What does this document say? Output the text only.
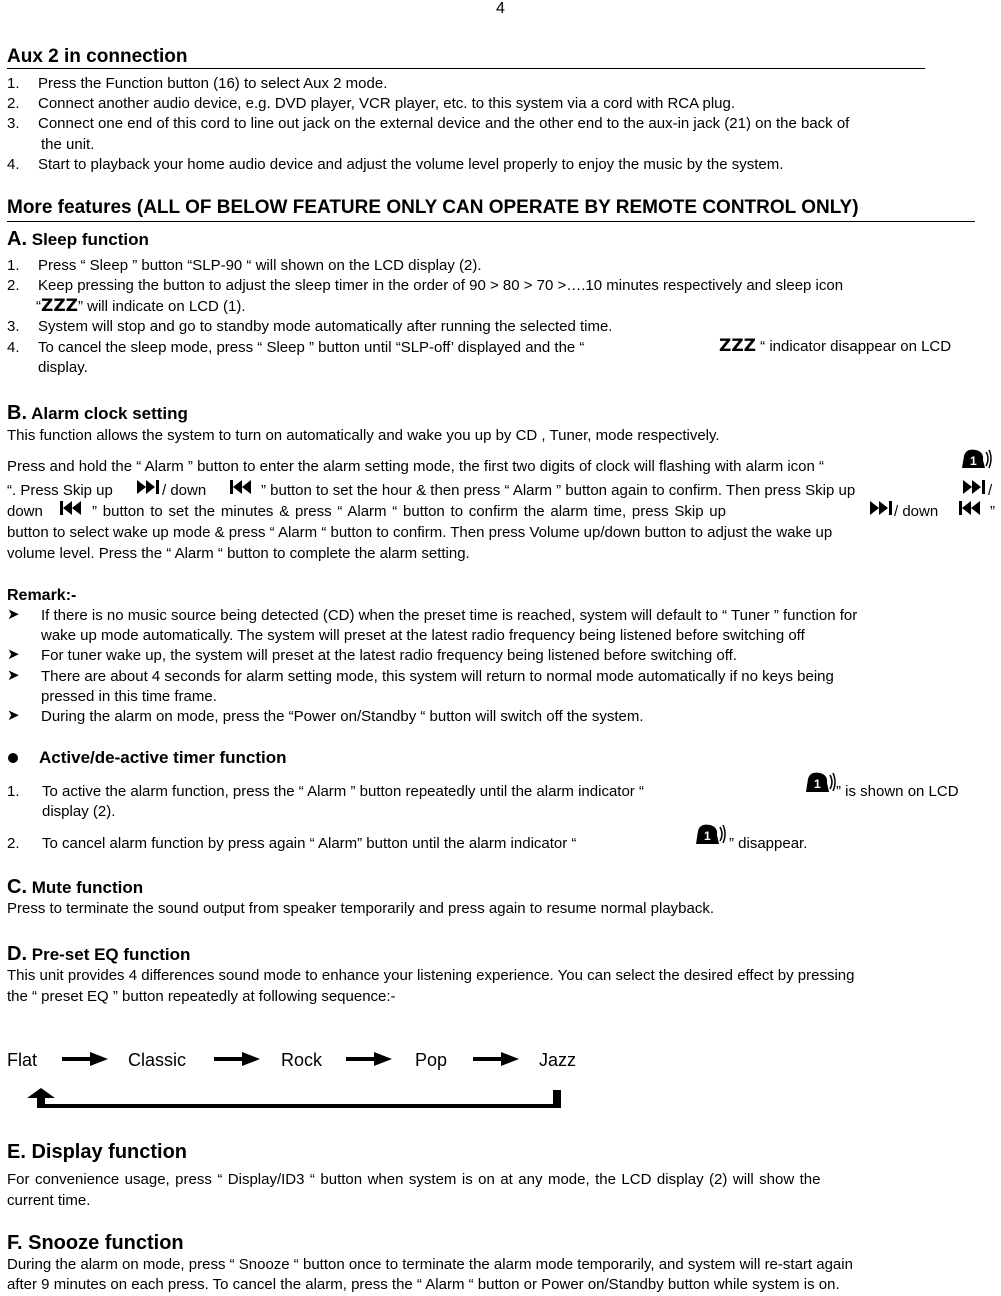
4
Aux 2 in connection
1. Press the Function button (16) to select Aux 2 mode.
2. Connect another audio device, e.g. DVD player, VCR player, etc. to this system via a cord with RCA plug.
3. Connect one end of this cord to line out jack on the external device and the other end to the aux-in jack (21) on the back of
the unit.
4. Start to playback your home audio device and adjust the volume level properly to enjoy the music by the system.
More features (ALL OF BELOW FEATURE ONLY CAN OPERATE BY REMOTE CONTROL ONLY)
A. Sleep function
1. Press “ Sleep ” button “SLP-90 “ will shown on the LCD display (2).
2. Keep pressing the button to adjust the sleep timer in the order of 90 > 80 > 70 >….10 minutes respectively and sleep icon
“ZZZ” will indicate on LCD (1).
3. System will stop and go to standby mode automatically after running the selected time.
4. To cancel the sleep mode, press “ Sleep ” button until “SLP-off’ displayed and the “	ZZZ “ indicator disappear on LCD
display.
B. Alarm clock setting
This function allows the system to turn on automatically and wake you up by CD , Tuner, mode respectively.
Press and hold the “ Alarm ” button to enter the alarm setting mode, the first two digits of clock will flashing with alarm icon “	1
“. Press Skip up	/ down	” button to set the hour & then press “ Alarm ” button again to confirm. Then press Skip up	/
down	” button to set the minutes & press “ Alarm “ button to confirm the alarm time, press Skip up	/ down	”
button to select wake up mode & press “ Alarm “ button to confirm. Then press Volume up/down button to adjust the wake up
volume level. Press the “ Alarm “ button to complete the alarm setting.
Remark:-
➤ If there is no music source being detected (CD) when the preset time is reached, system will default to “ Tuner ” function for
wake up mode automatically. The system will preset at the latest radio frequency being listened before switching off
➤ For tuner wake up, the system will preset at the latest radio frequency being listened before switching off.
➤ There are about 4 seconds for alarm setting mode, this system will return to normal mode automatically if no keys being
pressed in this time frame.
➤ During the alarm on mode, press the “Power on/Standby “ button will switch off the system.
Active/de-active timer function
1. To active the alarm function, press the “ Alarm ” button repeatedly until the alarm indicator “	1 ” is shown on LCD
display (2).
2. To cancel alarm function by press again “ Alarm” button until the alarm indicator “	1 ” disappear.
C. Mute function
Press to terminate the sound output from speaker temporarily and press again to resume normal playback.
D. Pre-set EQ function
This unit provides 4 differences sound mode to enhance your listening experience. You can select the desired effect by pressing
the “ preset EQ ” button repeatedly at following sequence:-
Flat	Classic	Rock	Pop	Jazz
E. Display function
For convenience usage, press “ Display/ID3 “ button when system is on at any mode, the LCD display (2) will show the
current time.
F. Snooze function
During the alarm on mode, press “ Snooze “ button once to terminate the alarm mode temporarily, and system will re-start again
after 9 minutes on each press. To cancel the alarm, press the “ Alarm “ button or Power on/Standby button while system is on.
